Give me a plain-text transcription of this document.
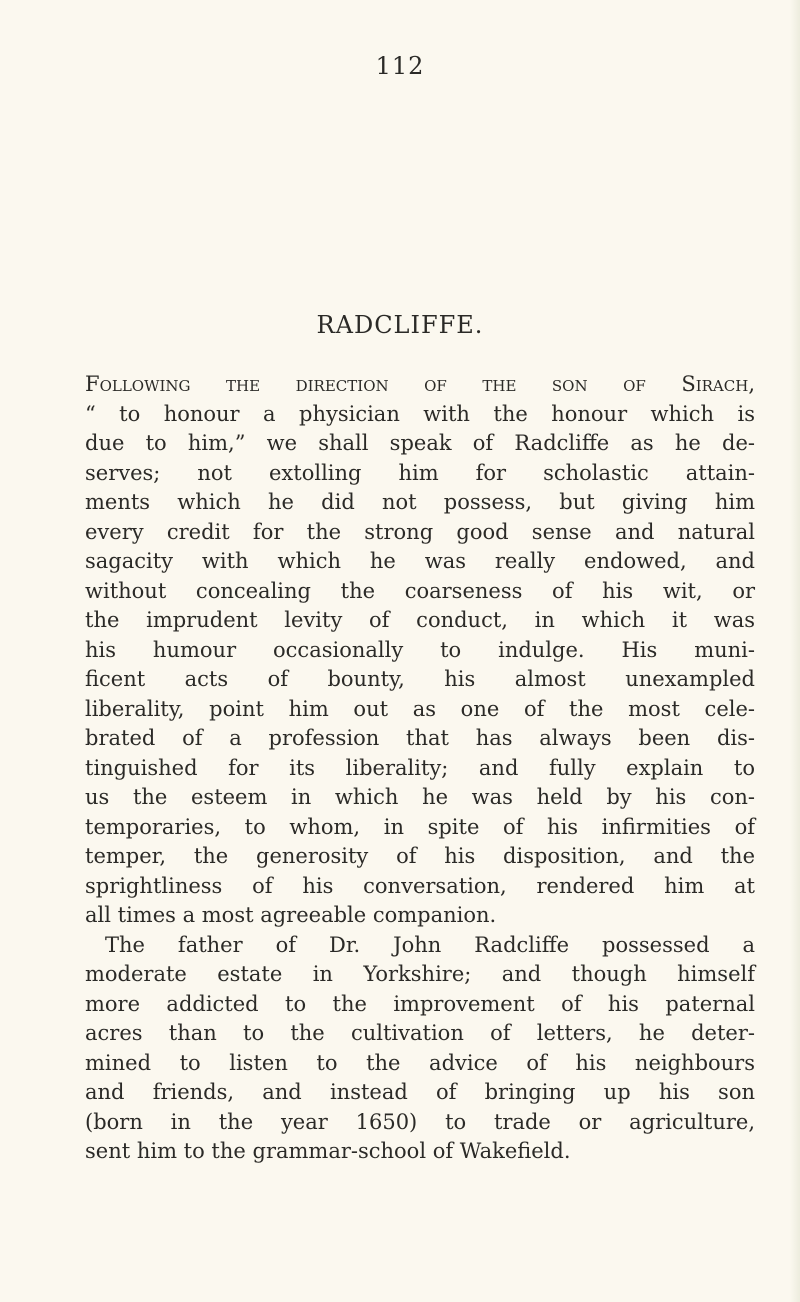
112
RADCLIFFE.
Following the direction of the son of Sirach,
“ to honour a physician with the honour which is
due to him,” we shall speak of Radcliffe as he de-
serves; not extolling him for scholastic attain-
ments which he did not possess, but giving him
every credit for the strong good sense and natural
sagacity with which he was really endowed, and
without concealing the coarseness of his wit, or
the imprudent levity of conduct, in which it was
his humour occasionally to indulge. His muni-
ficent acts of bounty, his almost unexampled
liberality, point him out as one of the most cele-
brated of a profession that has always been dis-
tinguished for its liberality; and fully explain to
us the esteem in which he was held by his con-
temporaries, to whom, in spite of his infirmities of
temper, the generosity of his disposition, and the
sprightliness of his conversation, rendered him at
all times a most agreeable companion.
The father of Dr. John Radcliffe possessed a
moderate estate in Yorkshire; and though himself
more addicted to the improvement of his paternal
acres than to the cultivation of letters, he deter-
mined to listen to the advice of his neighbours
and friends, and instead of bringing up his son
(born in the year 1650) to trade or agriculture,
sent him to the grammar-school of Wakefield.
